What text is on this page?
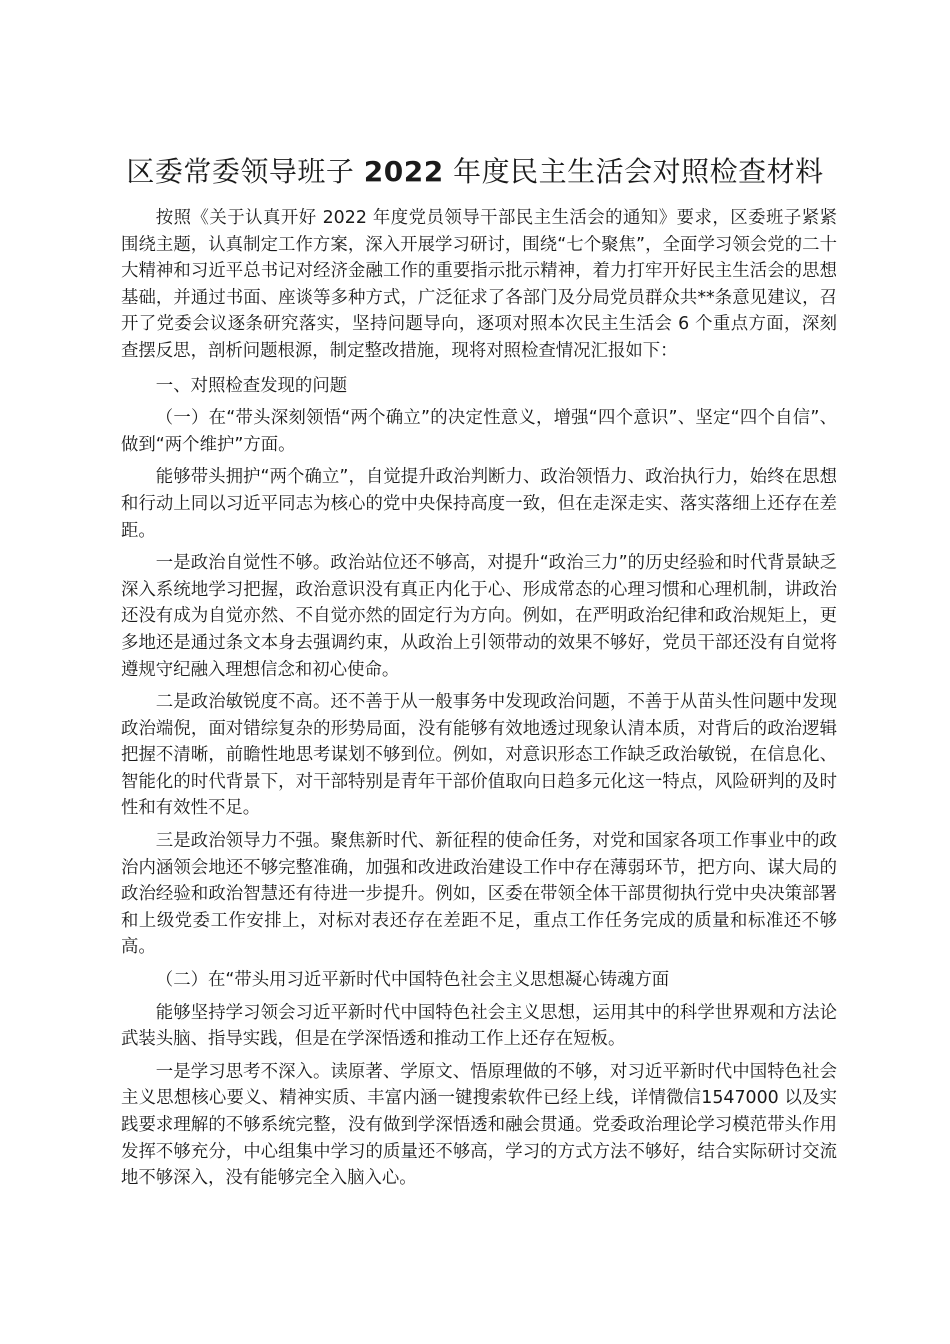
区委常委领导班子 2022 年度民主生活会对照检查材料

按照《关于认真开好 2022 年度党员领导干部民主生活会的通知》要求，区委班子紧紧围绕主题，认真制定工作方案，深入开展学习研讨，围绕“七个聚焦”，全面学习领会党的二十大精神和习近平总书记对经济金融工作的重要指示批示精神，着力打牢开好民主生活会的思想基础，并通过书面、座谈等多种方式，广泛征求了各部门及分局党员群众共**条意见建议，召开了党委会议逐条研究落实，坚持问题导向，逐项对照本次民主生活会 6 个重点方面，深刻查摆反思，剖析问题根源，制定整改措施，现将对照检查情况汇报如下：

一、对照检查发现的问题

（一）在“带头深刻领悟“两个确立”的决定性意义，增强“四个意识”、坚定“四个自信”、做到“两个维护”方面。

能够带头拥护“两个确立”，自觉提升政治判断力、政治领悟力、政治执行力，始终在思想和行动上同以习近平同志为核心的党中央保持高度一致，但在走深走实、落实落细上还存在差距。

一是政治自觉性不够。政治站位还不够高，对提升“政治三力”的历史经验和时代背景缺乏深入系统地学习把握，政治意识没有真正内化于心、形成常态的心理习惯和心理机制，讲政治还没有成为自觉亦然、不自觉亦然的固定行为方向。例如，在严明政治纪律和政治规矩上，更多地还是通过条文本身去强调约束，从政治上引领带动的效果不够好，党员干部还没有自觉将遵规守纪融入理想信念和初心使命。

二是政治敏锐度不高。还不善于从一般事务中发现政治问题，不善于从苗头性问题中发现政治端倪，面对错综复杂的形势局面，没有能够有效地透过现象认清本质，对背后的政治逻辑把握不清晰，前瞻性地思考谋划不够到位。例如，对意识形态工作缺乏政治敏锐，在信息化、智能化的时代背景下，对干部特别是青年干部价值取向日趋多元化这一特点，风险研判的及时性和有效性不足。

三是政治领导力不强。聚焦新时代、新征程的使命任务，对党和国家各项工作事业中的政治内涵领会地还不够完整准确，加强和改进政治建设工作中存在薄弱环节，把方向、谋大局的政治经验和政治智慧还有待进一步提升。例如，区委在带领全体干部贯彻执行党中央决策部署和上级党委工作安排上，对标对表还存在差距不足，重点工作任务完成的质量和标准还不够高。

（二）在“带头用习近平新时代中国特色社会主义思想凝心铸魂方面

能够坚持学习领会习近平新时代中国特色社会主义思想，运用其中的科学世界观和方法论武装头脑、指导实践，但是在学深悟透和推动工作上还存在短板。

一是学习思考不深入。读原著、学原文、悟原理做的不够，对习近平新时代中国特色社会主义思想核心要义、精神实质、丰富内涵一键搜索软件已经上线，详情微信1547000 以及实践要求理解的不够系统完整，没有做到学深悟透和融会贯通。党委政治理论学习模范带头作用发挥不够充分，中心组集中学习的质量还不够高，学习的方式方法不够好，结合实际研讨交流地不够深入，没有能够完全入脑入心。
